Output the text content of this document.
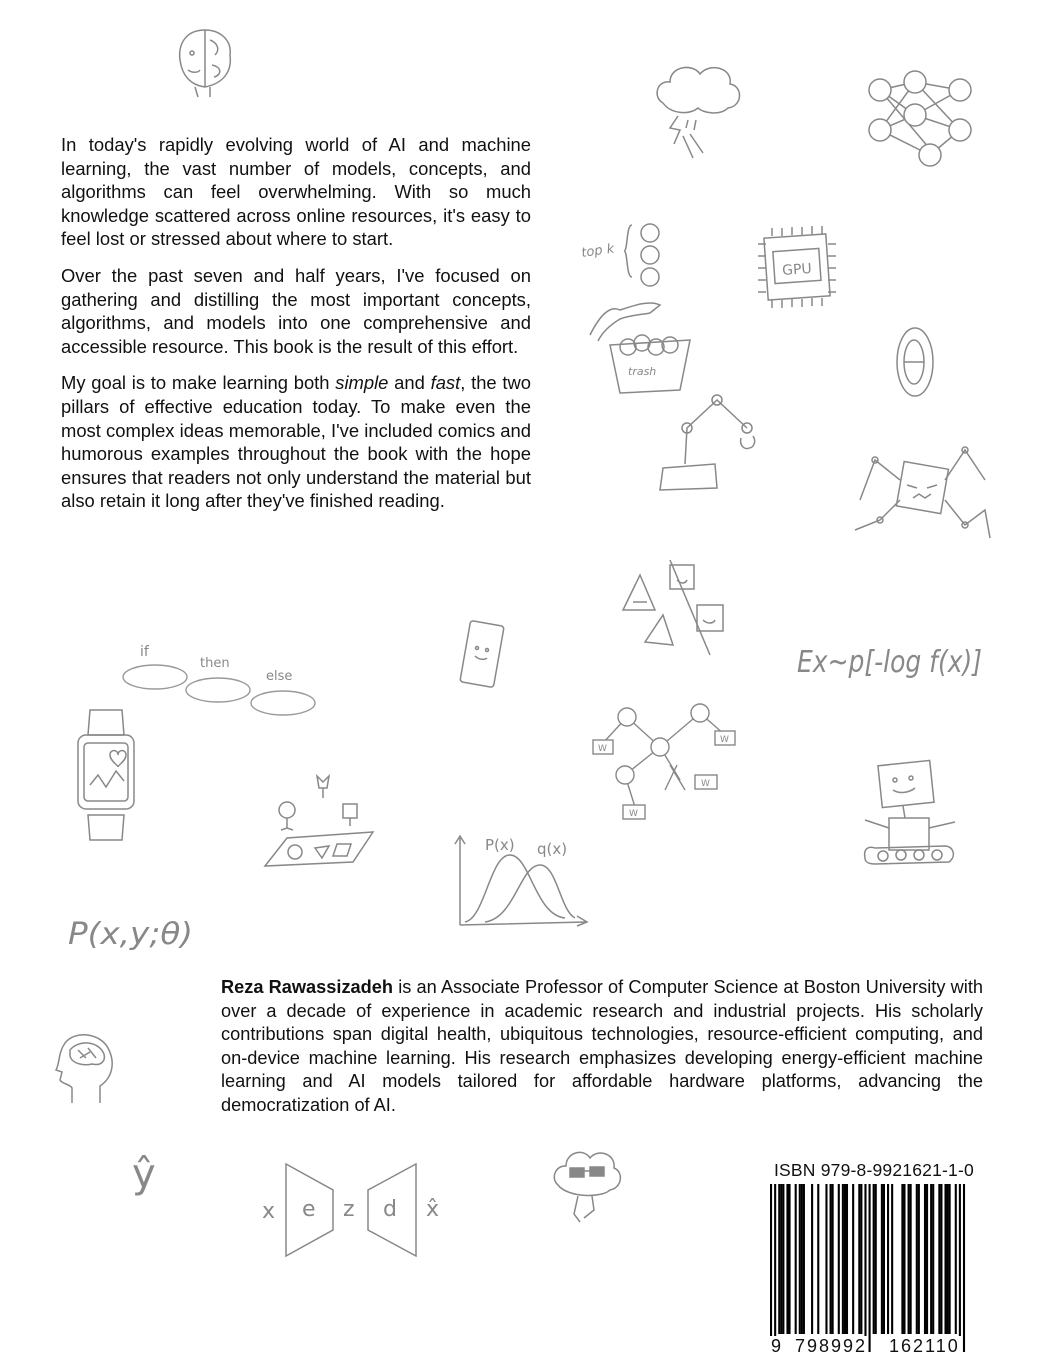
top k
trash
GPU
if
then
else	Ex~p[-log f(x)]
W
W
W
W
P(x) q(x)
P(x,y;θ)
ŷ
x e z d x̂

In today's rapidly evolving world of AI and machine learning, the vast number of models, concepts, and algorithms can feel overwhelming. With so much knowledge scattered across online resources, it's easy to feel lost or stressed about where to start.

Over the past seven and half years, I've focused on gathering and distilling the most important concepts, algorithms, and models into one comprehensive and accessible resource. This book is the result of this effort.

My goal is to make learning both simple and fast, the two pillars of effective education today. To make even the most complex ideas memorable, I've included comics and humorous examples throughout the book with the hope ensures that readers not only understand the material but also retain it long after they've finished reading.

Reza Rawassizadeh is an Associate Professor of Computer Science at Boston University with over a decade of experience in academic research and industrial projects. His scholarly contributions span digital health, ubiquitous technologies, resource-efficient computing, and on-device machine learning. His research emphasizes developing energy-efficient machine learning and AI models tailored for affordable hardware platforms, advancing the democratization of AI.

ISBN 979-8-9921621-1-0
9 798992 162110
